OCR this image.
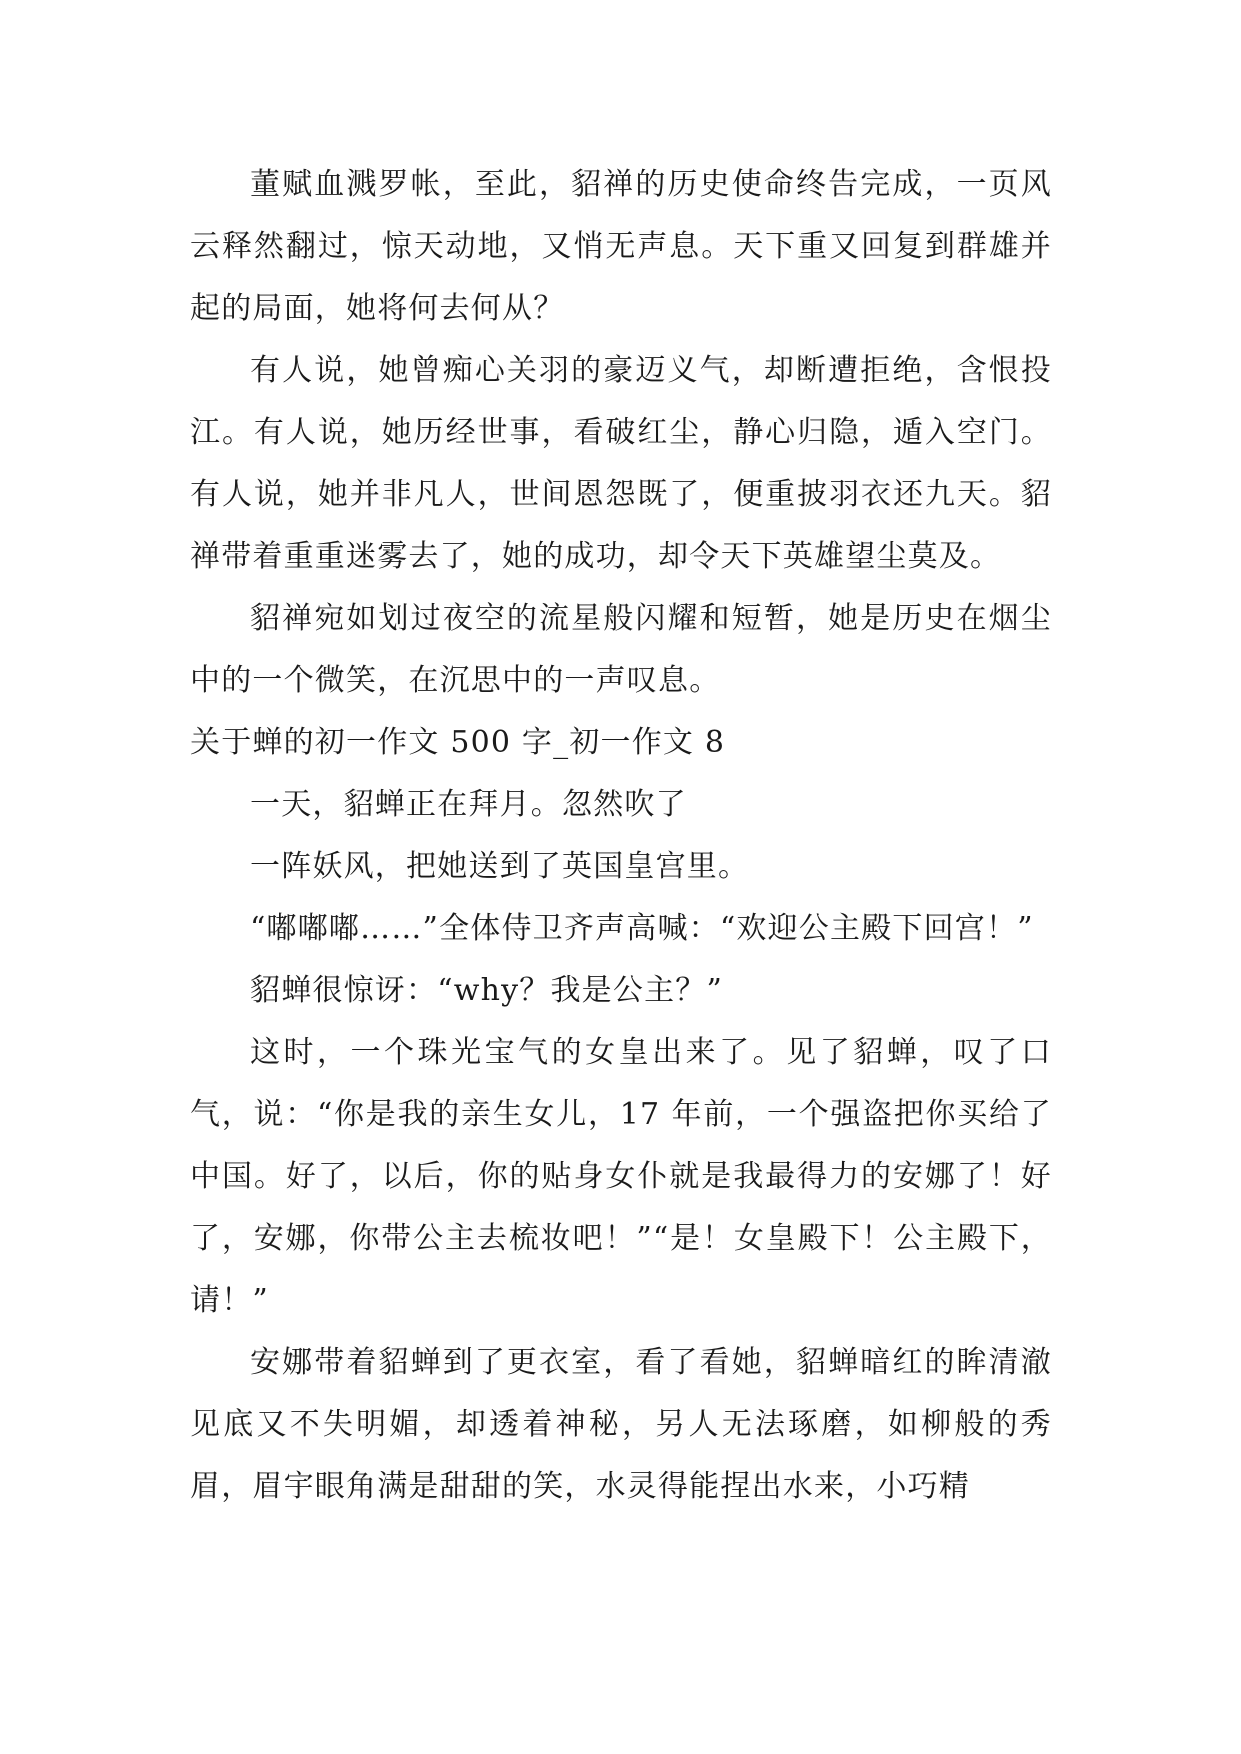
董赋血溅罗帐，至此，貂禅的历史使命终告完成，一页风云释然翻过，惊天动地，又悄无声息。天下重又回复到群雄并起的局面，她将何去何从？

有人说，她曾痴心关羽的豪迈义气，却断遭拒绝，含恨投江。有人说，她历经世事，看破红尘，静心归隐，遁入空门。有人说，她并非凡人，世间恩怨既了，便重披羽衣还九天。貂禅带着重重迷雾去了，她的成功，却令天下英雄望尘莫及。

貂禅宛如划过夜空的流星般闪耀和短暂，她是历史在烟尘中的一个微笑，在沉思中的一声叹息。

关于蝉的初一作文 500 字_初一作文 8

一天，貂蝉正在拜月。忽然吹了

一阵妖风，把她送到了英国皇宫里。

“嘟嘟嘟……”全体侍卫齐声高喊：“欢迎公主殿下回宫！”

貂蝉很惊讶：“why？我是公主？”

这时，一个珠光宝气的女皇出来了。见了貂蝉，叹了口气，说：“你是我的亲生女儿，17 年前，一个强盗把你买给了中国。好了，以后，你的贴身女仆就是我最得力的安娜了！好了，安娜，你带公主去梳妆吧！”“是！女皇殿下！公主殿下，请！”

安娜带着貂蝉到了更衣室，看了看她，貂蝉暗红的眸清澈见底又不失明媚，却透着神秘，另人无法琢磨，如柳般的秀眉，眉宇眼角满是甜甜的笑，水灵得能捏出水来，小巧精
